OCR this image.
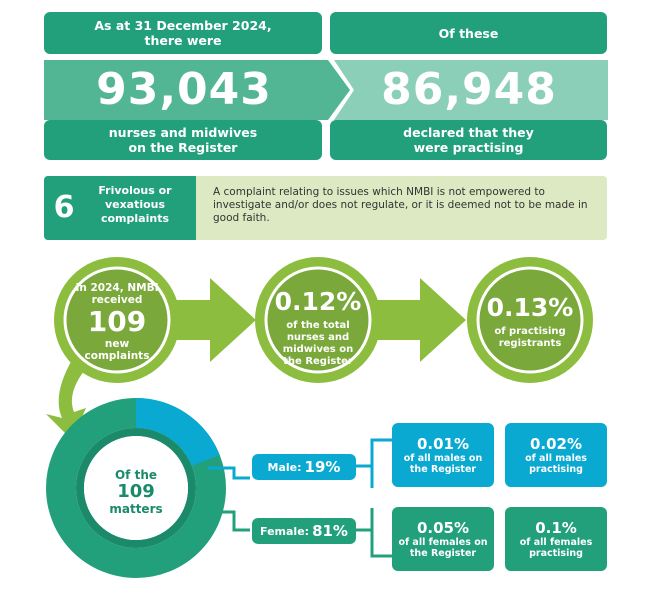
As at 31 December 2024, there were	Of these
93,043	86,948
nurses and midwives on the Register
declared that they were practising
6	Frivolous or vexatious complaints
A complaint relating to issues which NMBI is not empowered to investigate and/or does not regulate, or it is deemed not to be made in good faith.
In 2024, NMBI received
109
new complaints
0.12%
of the total nurses and midwives on the Register
0.13%
of practising registrants
Of the
109
matters
Male: 19%
Female: 81%
0.01%
of all males on the Register
0.02%
of all males practising
0.05%
of all females on the Register
0.1%
of all females practising
